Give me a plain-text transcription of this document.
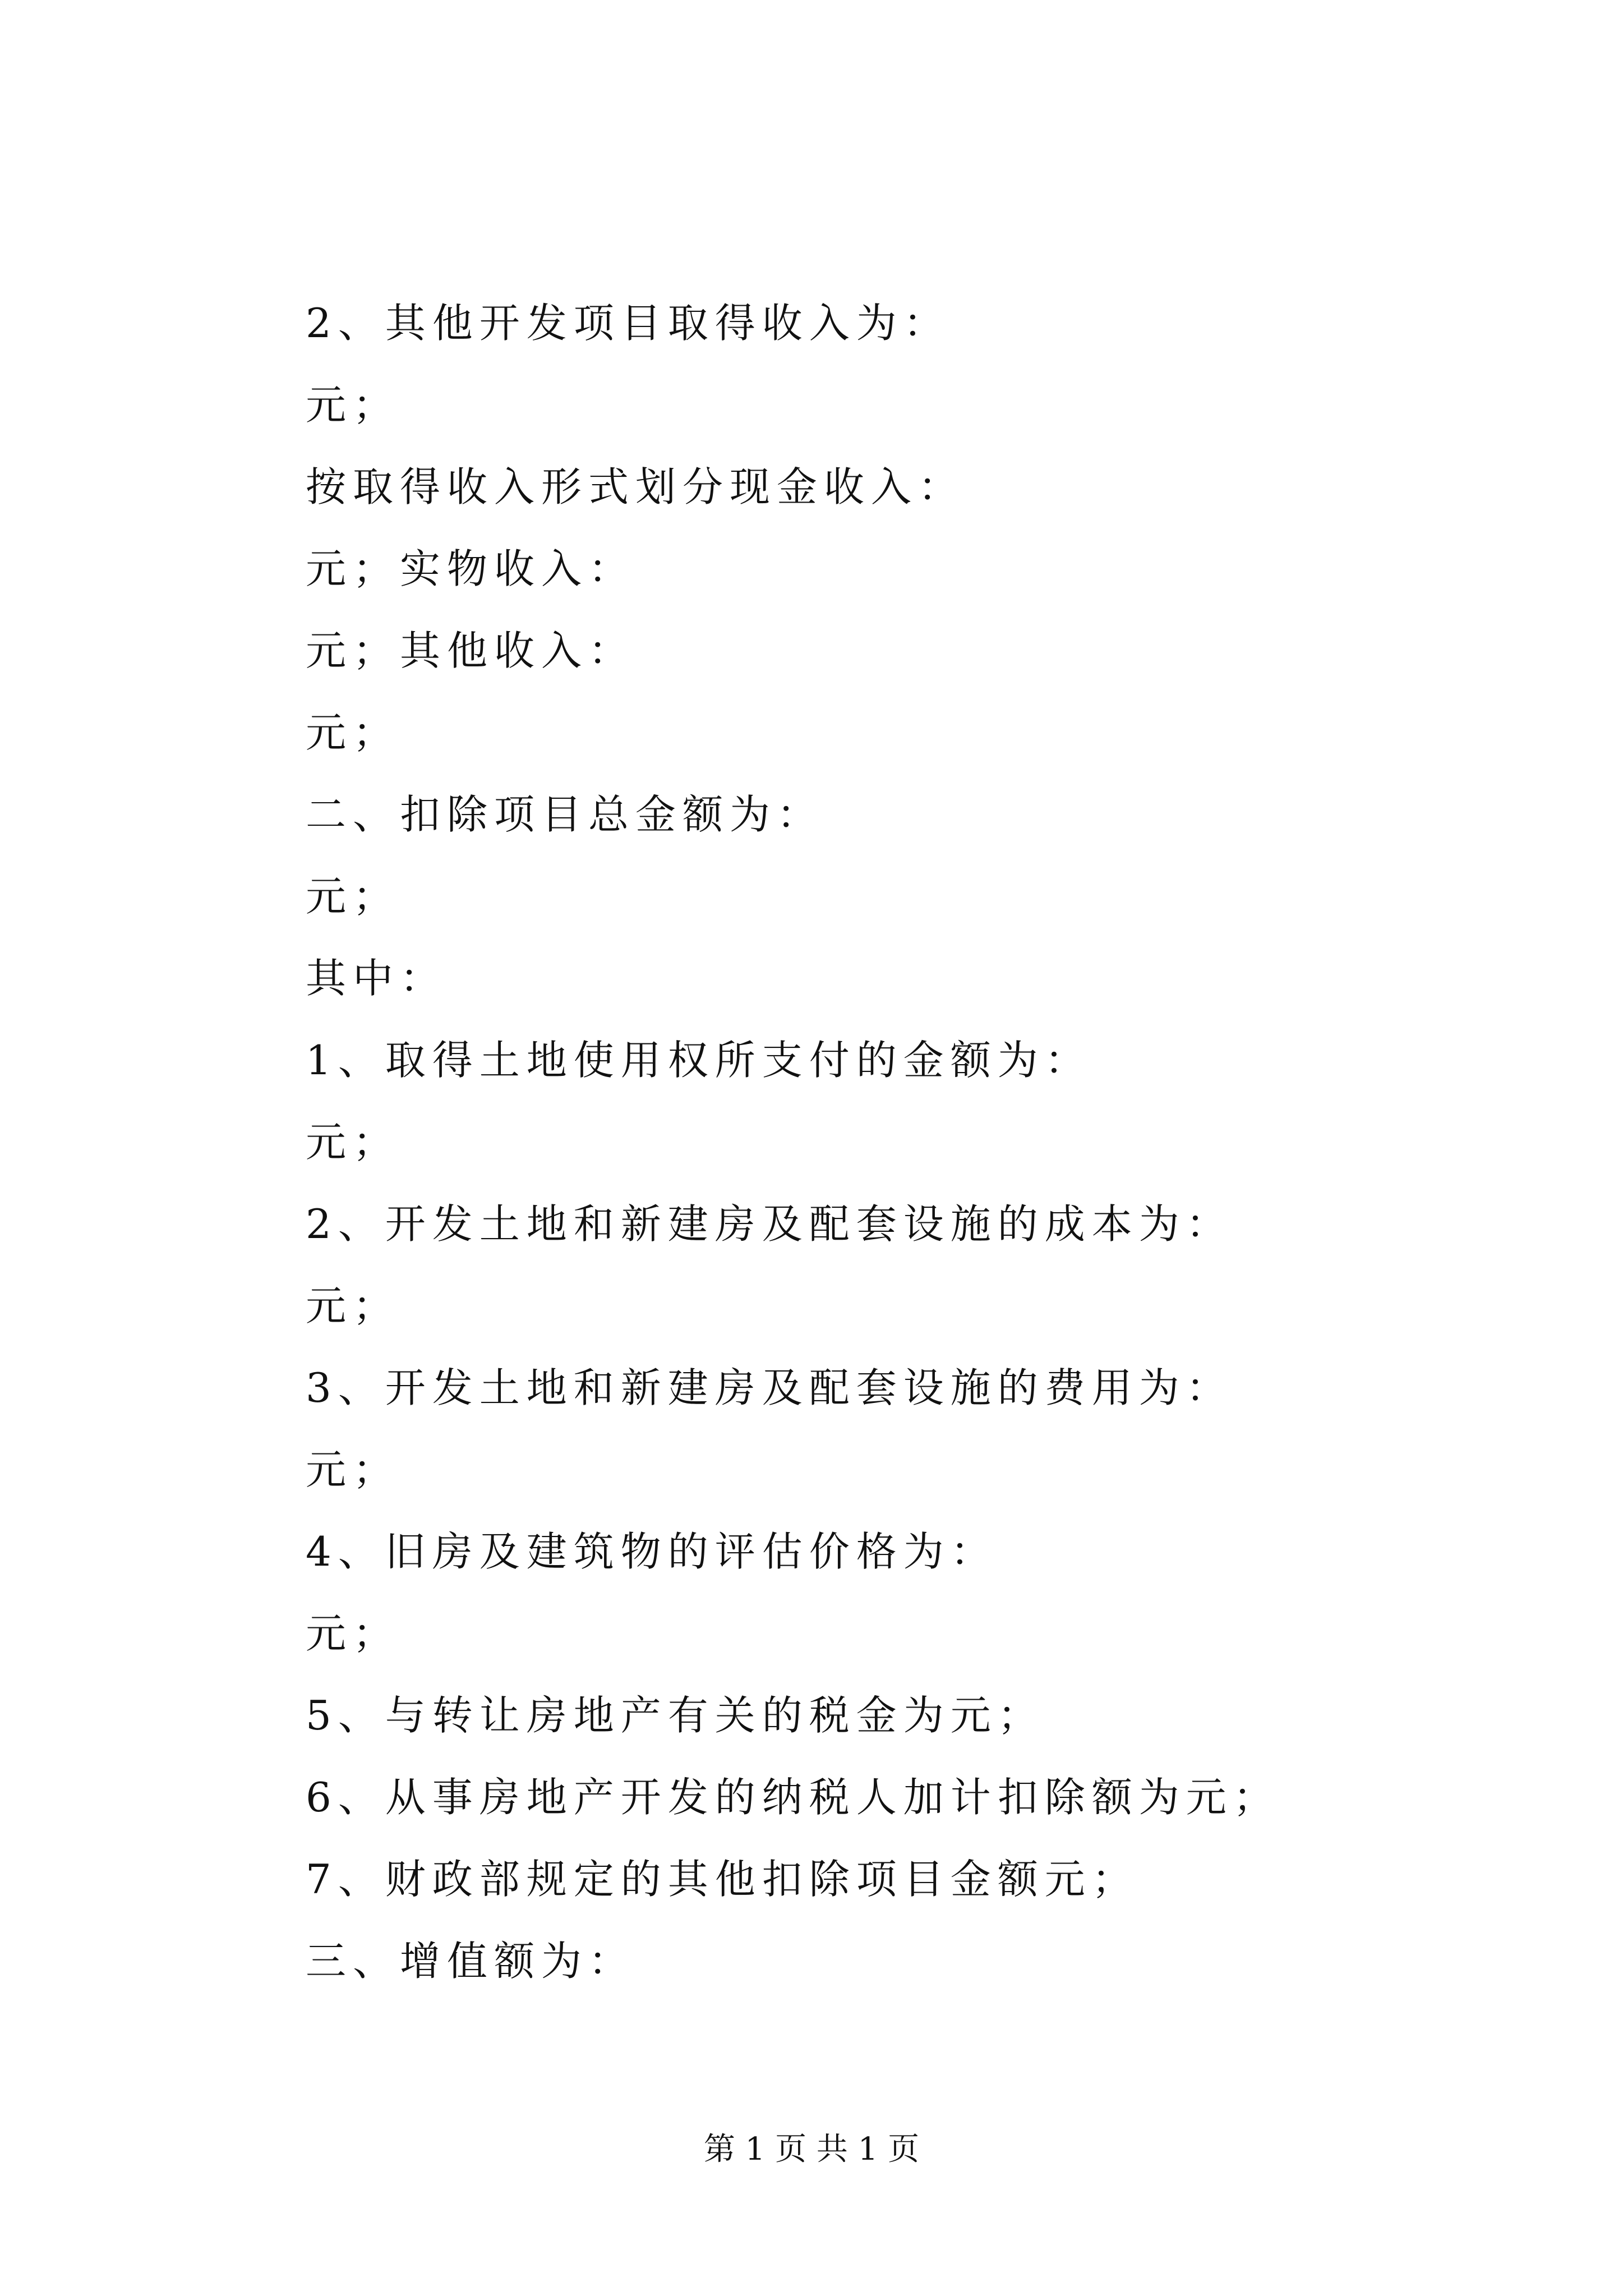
2、其他开发项目取得收入为：
元；
按取得收入形式划分现金收入：
元；实物收入：
元；其他收入：
元；
二、扣除项目总金额为：
元；
其中：
1、取得土地使用权所支付的金额为：
元；
2、开发土地和新建房及配套设施的成本为：
元；
3、开发土地和新建房及配套设施的费用为：
元；
4、旧房及建筑物的评估价格为：
元；
5、与转让房地产有关的税金为元；
6、从事房地产开发的纳税人加计扣除额为元；
7、财政部规定的其他扣除项目金额元；
三、增值额为：
第 1 页 共 1 页
